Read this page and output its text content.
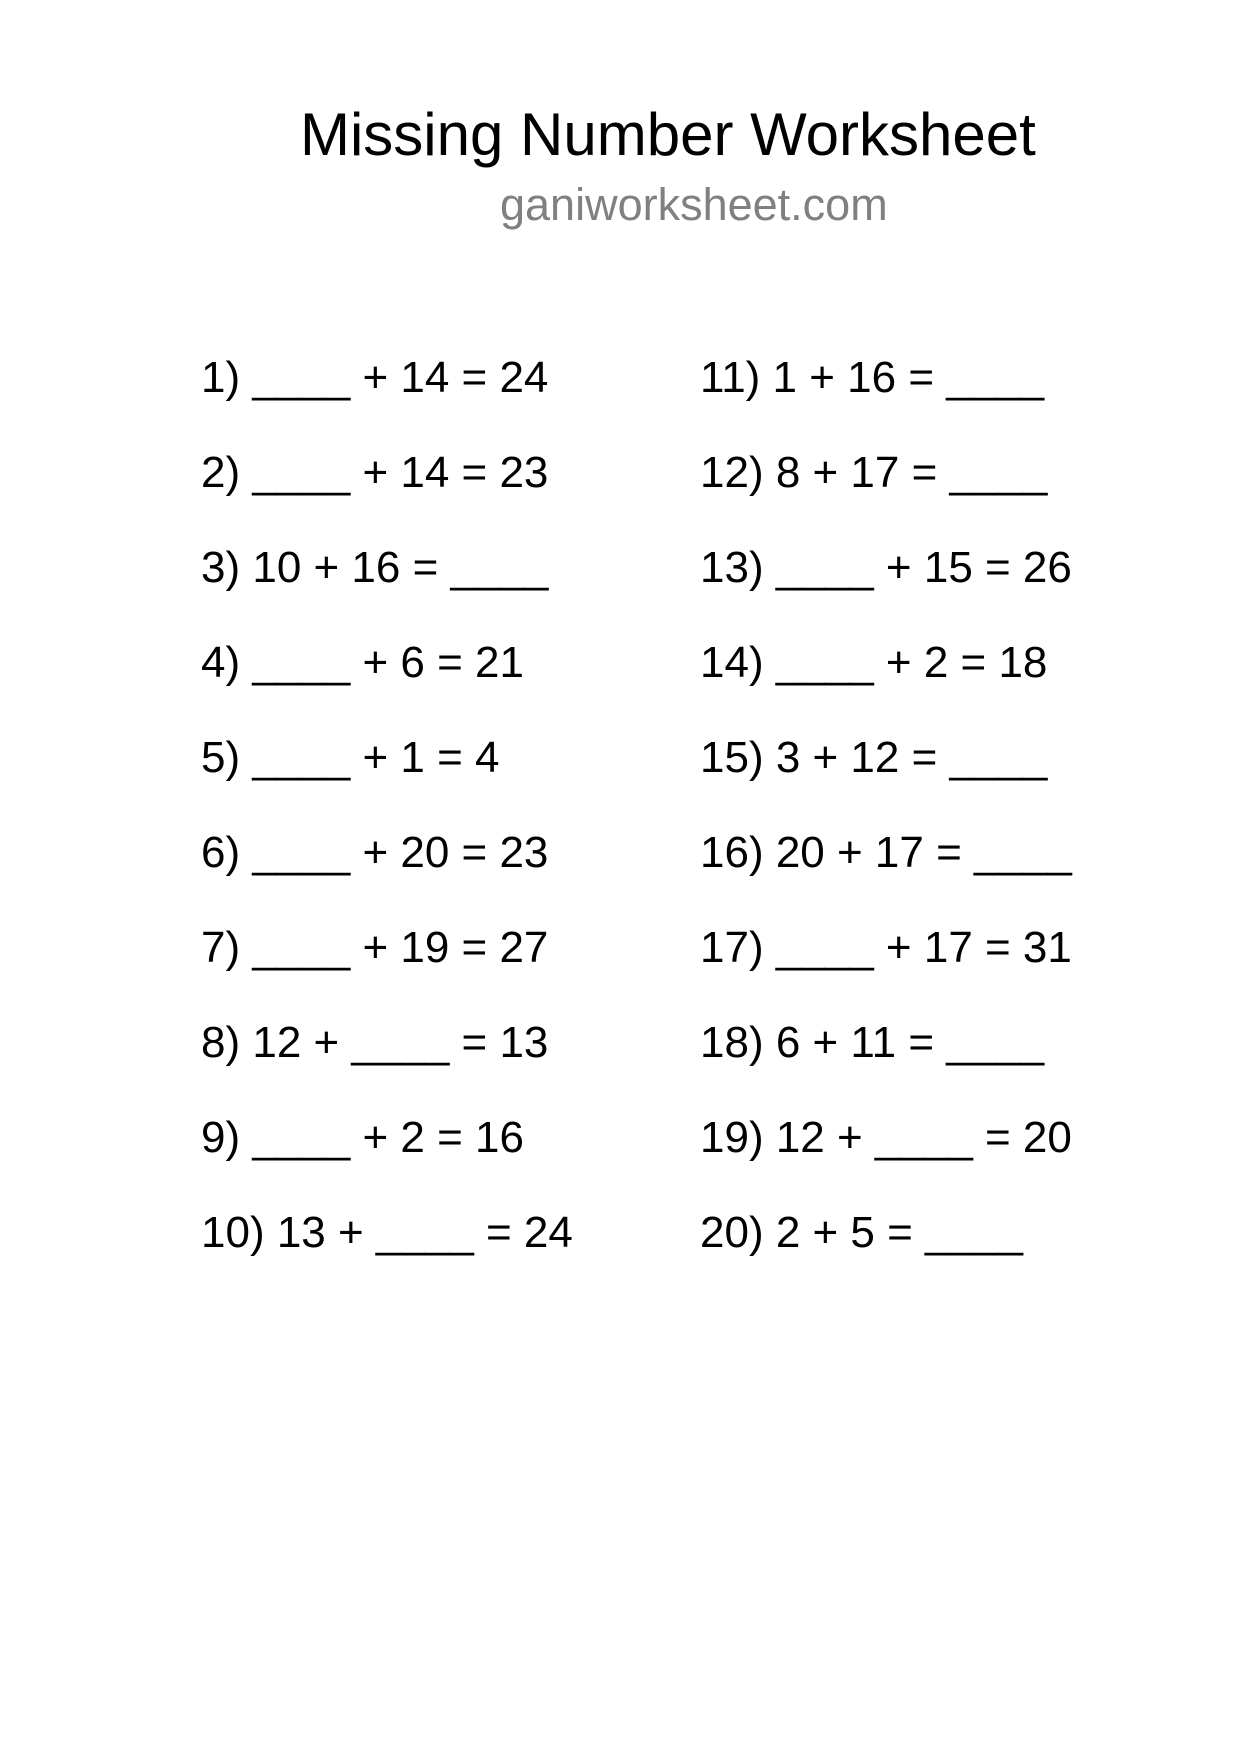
Missing Number Worksheet
ganiworksheet.com
1) ____ + 14 = 24
2) ____ + 14 = 23
3) 10 + 16 = ____
4) ____ + 6 = 21
5) ____ + 1 = 4
6) ____ + 20 = 23
7) ____ + 19 = 27
8) 12 + ____ = 13
9) ____ + 2 = 16
10) 13 + ____ = 24
11) 1 + 16 = ____
12) 8 + 17 = ____
13) ____ + 15 = 26
14) ____ + 2 = 18
15) 3 + 12 = ____
16) 20 + 17 = ____
17) ____ + 17 = 31
18) 6 + 11 = ____
19) 12 + ____ = 20
20) 2 + 5 = ____
